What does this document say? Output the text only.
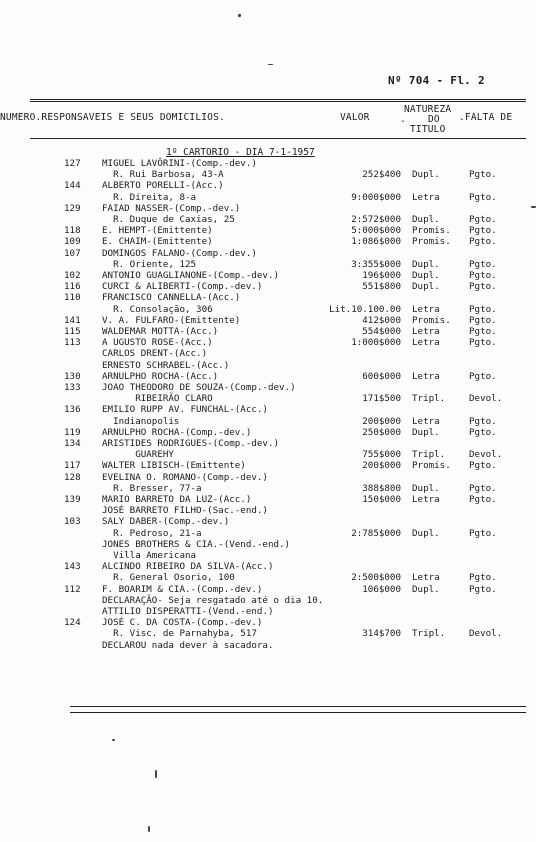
Nº 704 - Fl. 2
NUMERO.RESPONSAVEIS E SEUS DOMICILIOS.	VALOR	.
NATUREZA
DO
TITULO
.FALTA DE
1º CARTORIO - DIA 7-1-1957
127	MIGUEL LAVÔRINI-(Comp.-dev.)
R. Rui Barbosa, 43-A	252$400 Dupl.	Pgto.
144	ALBERTO PORELLI-(Acc.)
R. Direita, 8-a	9:000$000 Letra	Pgto.
129	FAIAD NASSER-(Comp.-dev.)
R. Duque de Caxias, 25	2:572$000 Dupl.	Pgto.
118	E. HEMPT-(Emittente)	5:000$000 Promis. Pgto.
109	E. CHAIM-(Emittente)	1:086$000 Promis. Pgto.
107	DOMINGOS FALANO-(Comp.-dev.)
R. Oriente, 125	3:355$000 Dupl.	Pgto.
102	ANTONIO GUAGLIANONE-(Comp.-dev.)	196$000 Dupl.	Pgto.
116	CURCI & ALIBERTI-(Comp.-dev.)	551$800 Dupl.	Pgto.
110	FRANCISCO CANNELLA-(Acc.)
R. Consolação, 306	Lit.10.100.00 Letra	Pgto.
141	V. A. FULFARO-(Emittente)	412$000 Promis. Pgto.
115	WALDEMAR MOTTA-(Acc.)	554$000 Letra	Pgto.
113	A UGUSTO ROSE-(Acc.)	1:000$000 Letra	Pgto.
CARLOS DRENT-(Acc.)
ERNESTO SCHRABEL-(Acc.)
130	ARNULPHO ROCHA-(Acc.)	600$000 Letra	Pgto.
133	JOAO THEODORO DE SOUZA-(Comp.-dev.)
RIBEIRÃO CLARO	171$500 Tripl.	Devol.
136	EMILIO RUPP AV. FUNCHAL-(Acc.)
Indianopolis	200$000 Letra	Pgto.
119	ARNULPHO ROCHA-(Comp.-dev.)	250$000 Dupl.	Pgto.
134	ARISTIDES RODRIGUES-(Comp.-dev.)
GUAREHY	755$000 Tripl.	Devol.
117	WALTER LIBISCH-(Emittente)	200$000 Promis. Pgto.
128	EVELINA O. ROMANO-(Comp.-dev.)
R. Bresser, 77-a	388$800 Dupl.	Pgto.
139	MARIO BARRETO DA LUZ-(Acc.)	150$000 Letra	Pgto.
JOSÉ BARRETO FILHO-(Sac.-end.)
103	SALY DABER-(Comp.-dev.)
R. Pedroso, 21-a	2:785$000 Dupl.	Pgto.
JONES BROTHERS & CIA.-(Vend.-end.)
Villa Americana
143	ALCINDO RIBEIRO DA SILVA-(Acc.)
R. General Osorio, 100	2:500$000 Letra	Pgto.
112	F. BOARIM & CIA.-(Comp.-dev.)	106$000 Dupl.	Pgto.
DECLARAÇÃO- Seja resgatado até o dia 10.
ATTILIO DISPERATTI-(Vend.-end.)
124	JOSÉ C. DA COSTA-(Comp.-dev.)
R. Visc. de Parnahyba, 517	314$700 Tripl.	Devol.
DECLAROU nada dever à sacadora.
